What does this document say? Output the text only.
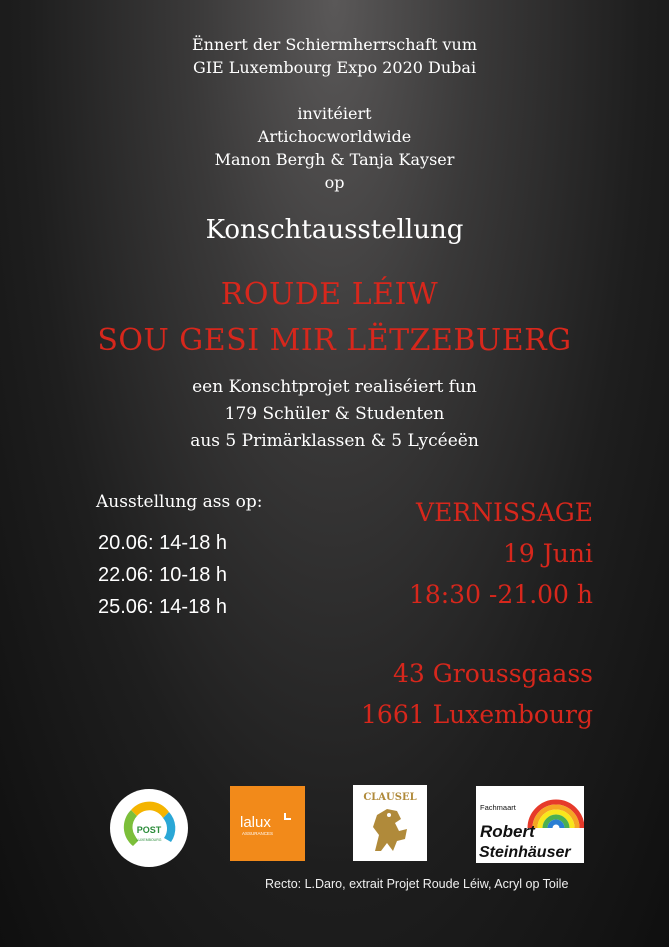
Ënnert der Schiermherrschaft vum
GIE Luxembourg Expo 2020 Dubai
invitéiert
Artichocworldwide
Manon Bergh & Tanja Kayser
op
Konschtausstellung
ROUDE LÉIW
SOU GESI MIR LËTZEBUERG
een Konschtprojet realiséiert fun
179 Schüler & Studenten
aus 5 Primärklassen & 5 Lycéeën
Ausstellung ass op:
20.06: 14-18 h
22.06: 10-18 h
25.06: 14-18 h
VERNISSAGE
19 Juni
18:30 -21.00 h
43 Groussgaass
1661 Luxembourg
POST
LUXEMBOURG
lalux
ASSURANCES
CLAUSEL
Fachmaart
Robert
Steinhäuser
Recto: L.Daro, extrait Projet Roude Léiw, Acryl op Toile
